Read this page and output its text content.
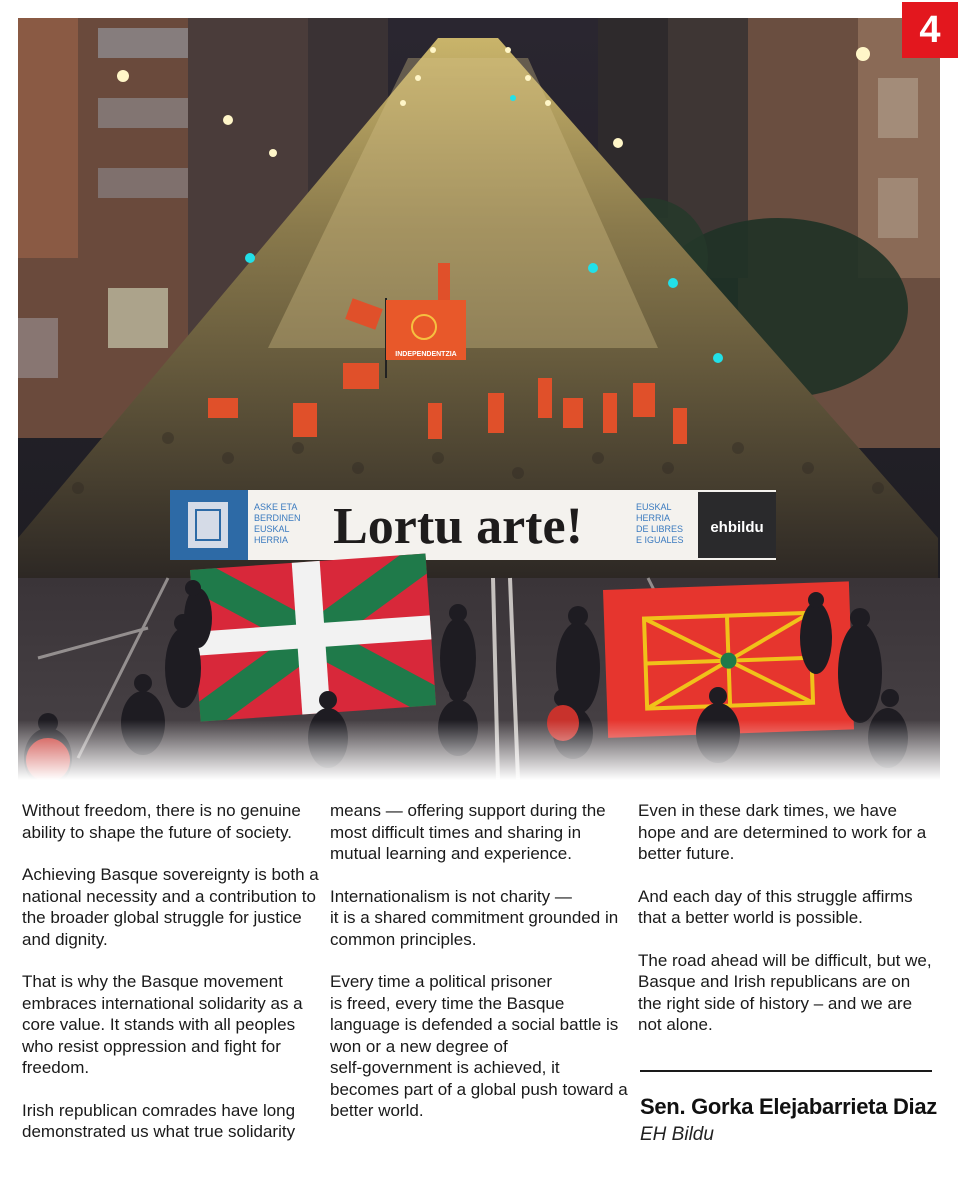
INDEPENDENTZIA
ASKE ETA BERDINEN EUSKAL HERRIA Lortu arte!	EUSKAL HERRIA DE LIBRES E IGUALES
ehbildu
4

Without freedom, there is no genuine ability to shape the future of society.

Achieving Basque sovereignty is both a national necessity and a contribution to the broader global struggle for justice and dignity.

That is why the Basque movement embraces international solidarity as a core value. It stands with all peoples who resist oppression and fight for freedom.

Irish republican comrades have long demonstrated us what true solidarity

means — offering support during the most difficult times and sharing in mutual learning and experience.

Internationalism is not charity —
it is a shared commitment grounded in common principles.

Every time a political prisoner
is freed, every time the Basque language is defended a social battle is won or a new degree of
self-government is achieved, it becomes part of a global push toward a better world.

Even in these dark times, we have hope and are determined to work for a better future.

And each day of this struggle affirms that a better world is possible.

The road ahead will be difficult, but we, Basque and Irish republicans are on the right side of history – and we are not alone.

Sen. Gorka Elejabarrieta Diaz
EH Bildu
